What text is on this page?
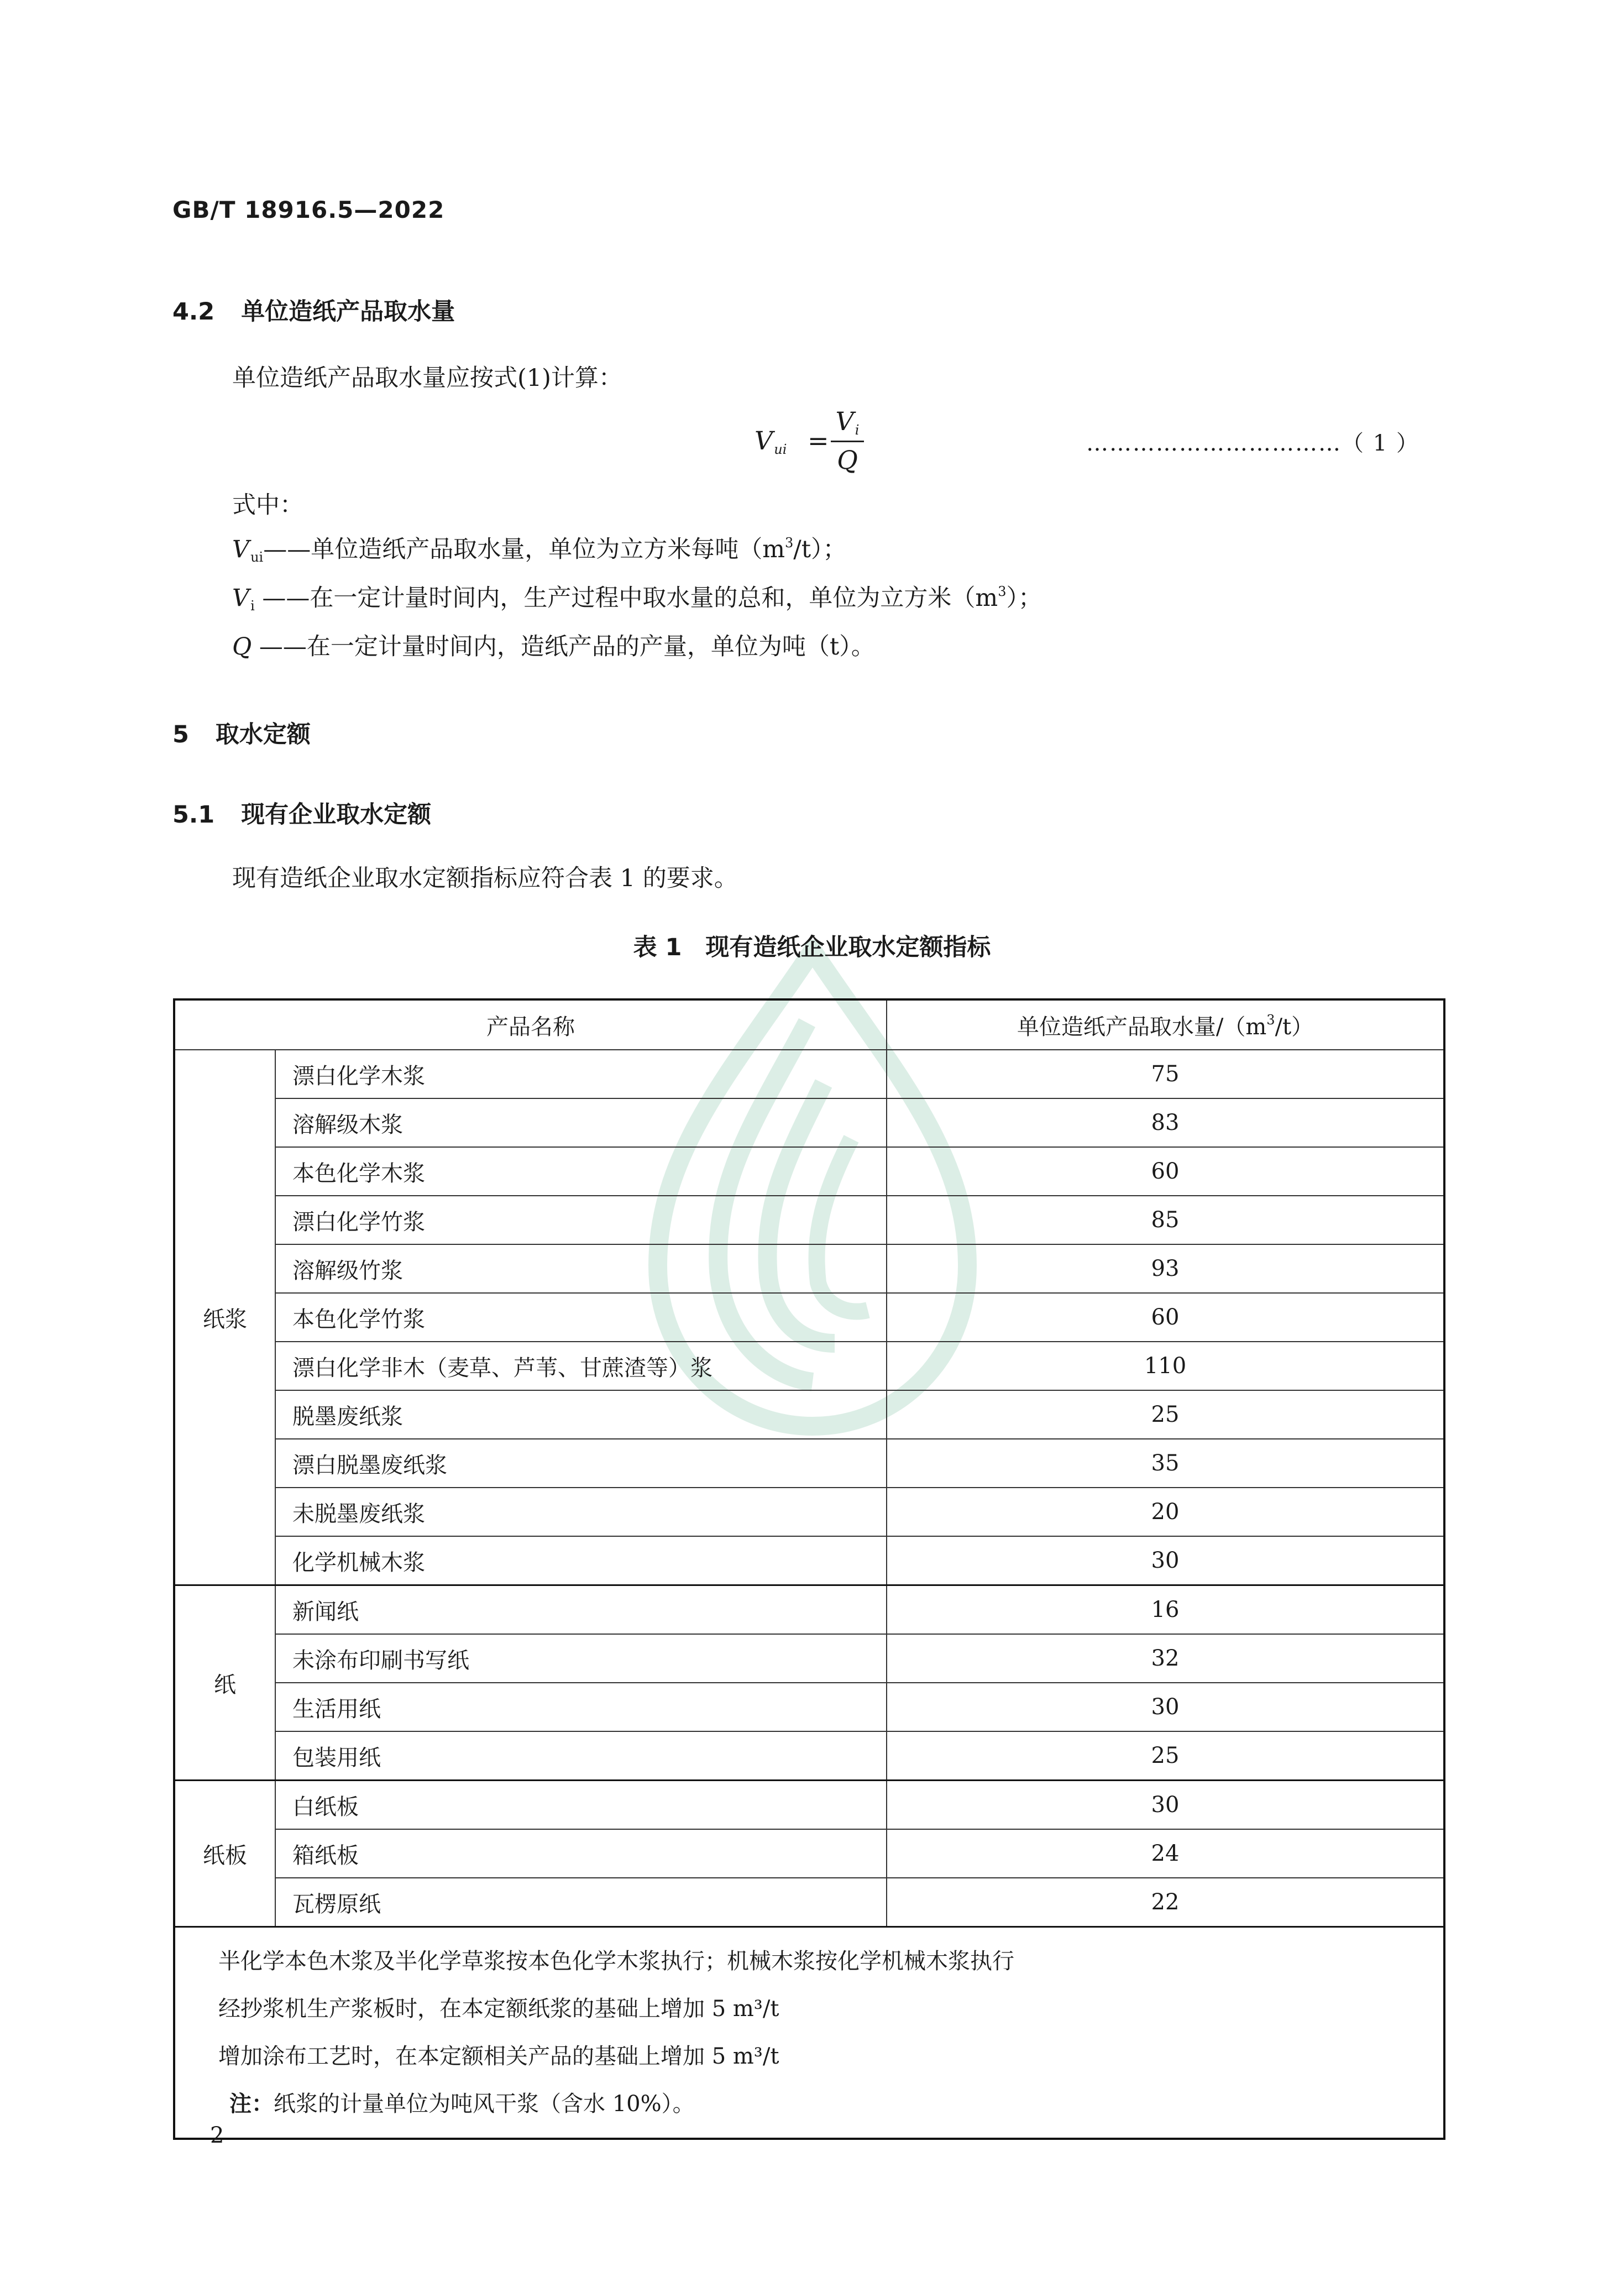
GB/T 18916.5—2022
4.2 单位造纸产品取水量
单位造纸产品取水量应按式(1)计算：
$V_{ui}$ =
$V_i$
Q
……………………………（ 1 ）
式中：
$V_{ui}——$单位造纸产品取水量，单位为立方米每吨$(m^3/t)$；
$V_i$ ——在一定计量时间内，生产过程中取水量的总和，单位为立方米$(m^3)$；
Q ——在一定计量时间内，造纸产品的产量，单位为吨（t）。
5 取水定额
5.1 现有企业取水定额
现有造纸企业取水定额指标应符合表 1 的要求。
表 1　现有造纸企业取水定额指标
产品名称		单位造纸产品取水量$/(m^3/t)$
纸浆	漂白化学木浆	75
	溶解级木浆	83
	本色化学木浆	60
	漂白化学竹浆	85
	溶解级竹浆	93
	本色化学竹浆	60
	漂白化学非木（麦草、芦苇、甘蔗渣等）浆	110
	脱墨废纸浆	25
	漂白脱墨废纸浆	35
	未脱墨废纸浆	20
	化学机械木浆	30
纸	新闻纸	16
	未涂布印刷书写纸	32
	生活用纸	30
	包装用纸	25
纸板	白纸板	30
	箱纸板	24
	瓦楞原纸	22

半化学本色木浆及半化学草浆按本色化学木浆执行；机械木浆按化学机械木浆执行
经抄浆机生产浆板时，在本定额纸浆的基础上增加 5 m³/t
增加涂布工艺时，在本定额相关产品的基础上增加 5 m³/t
注：纸浆的计量单位为吨风干浆（含水 10%）。		
2
